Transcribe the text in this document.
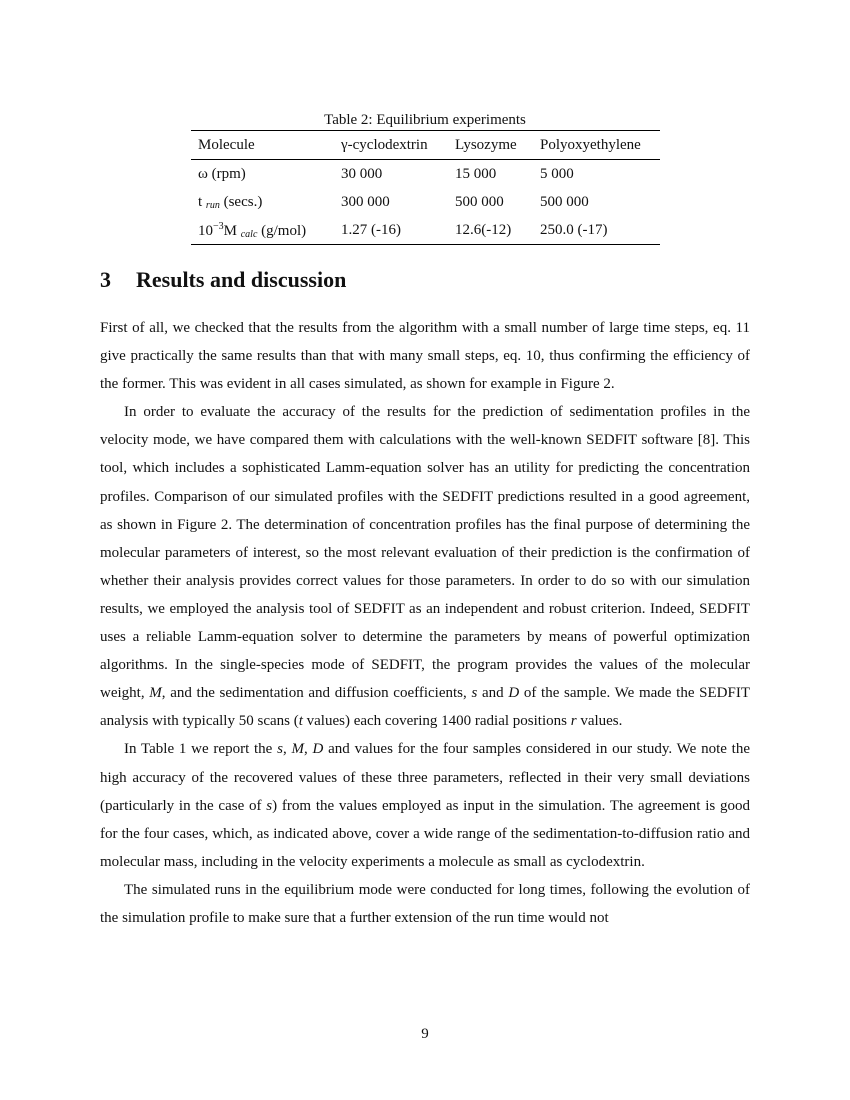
Table 2: Equilibrium experiments
Molecule	γ-cyclodextrin	Lysozyme	Polyoxyethylene
ω (rpm)	30 000	15 000	5 000
t $_{run}$ (secs.)	300 000	500 000	500 000
$10^{-3}M$ $_{calc}$ (g/mol)	1.27 (-16)	12.6(-12)	250.0 (-17)
3 Results and discussion

First of all, we checked that the results from the algorithm with a small number of large time steps, eq. 11 give practically the same results than that with many small steps, eq. 10, thus confirming the efficiency of the former. This was evident in all cases simulated, as shown for example in Figure 2.

In order to evaluate the accuracy of the results for the prediction of sedimentation profiles in the velocity mode, we have compared them with calculations with the well-known SEDFIT software [8]. This tool, which includes a sophisticated Lamm-equation solver has an utility for predicting the concentration profiles. Comparison of our simulated profiles with the SEDFIT predictions resulted in a good agreement, as shown in Figure 2. The determination of concentration profiles has the final purpose of determining the molecular parameters of interest, so the most relevant evaluation of their prediction is the confirmation of whether their analysis provides correct values for those parameters. In order to do so with our simulation results, we employed the analysis tool of SEDFIT as an independent and robust criterion. Indeed, SEDFIT uses a reliable Lamm-equation solver to determine the parameters by means of powerful optimization algorithms. In the single-species mode of SEDFIT, the program provides the values of the molecular weight, M, and the sedimentation and diffusion coefficients, s and D of the sample. We made the SEDFIT analysis with typically 50 scans (t values) each covering 1400 radial positions r values.

In Table 1 we report the s, M, D and values for the four samples considered in our study. We note the high accuracy of the recovered values of these three parameters, reflected in their very small deviations (particularly in the case of s) from the values employed as input in the simulation. The agreement is good for the four cases, which, as indicated above, cover a wide range of the sedimentation-to-diffusion ratio and molecular mass, including in the velocity experiments a molecule as small as cyclodextrin.

The simulated runs in the equilibrium mode were conducted for long times, following the evolution of the simulation profile to make sure that a further extension of the run time would not

9
